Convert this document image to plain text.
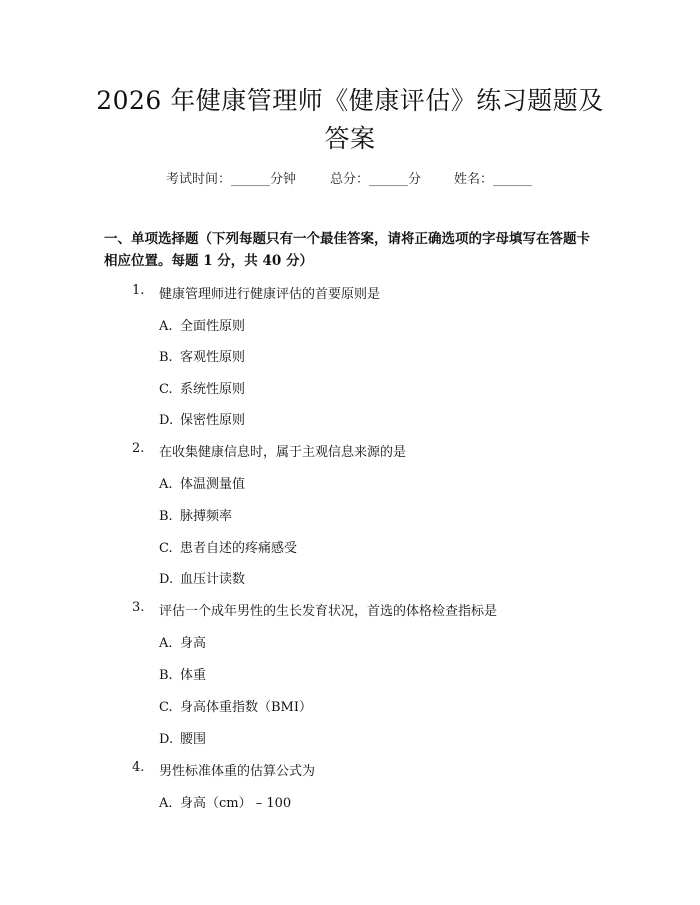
2026 年健康管理师《健康评估》练习题题及答案
考试时间：______分钟	总分：______分	姓名：______
一、单项选择题（下列每题只有一个最佳答案，请将正确选项的字母填写在答题卡相应位置。每题 1 分，共 40 分）
1. 健康管理师进行健康评估的首要原则是
A. 全面性原则
B. 客观性原则
C. 系统性原则
D. 保密性原则
2. 在收集健康信息时，属于主观信息来源的是
A. 体温测量值
B. 脉搏频率
C. 患者自述的疼痛感受
D. 血压计读数
3. 评估一个成年男性的生长发育状况，首选的体格检查指标是
A. 身高
B. 体重
C. 身高体重指数（BMI）
D. 腰围
4. 男性标准体重的估算公式为
A. 身高（cm） – 100
